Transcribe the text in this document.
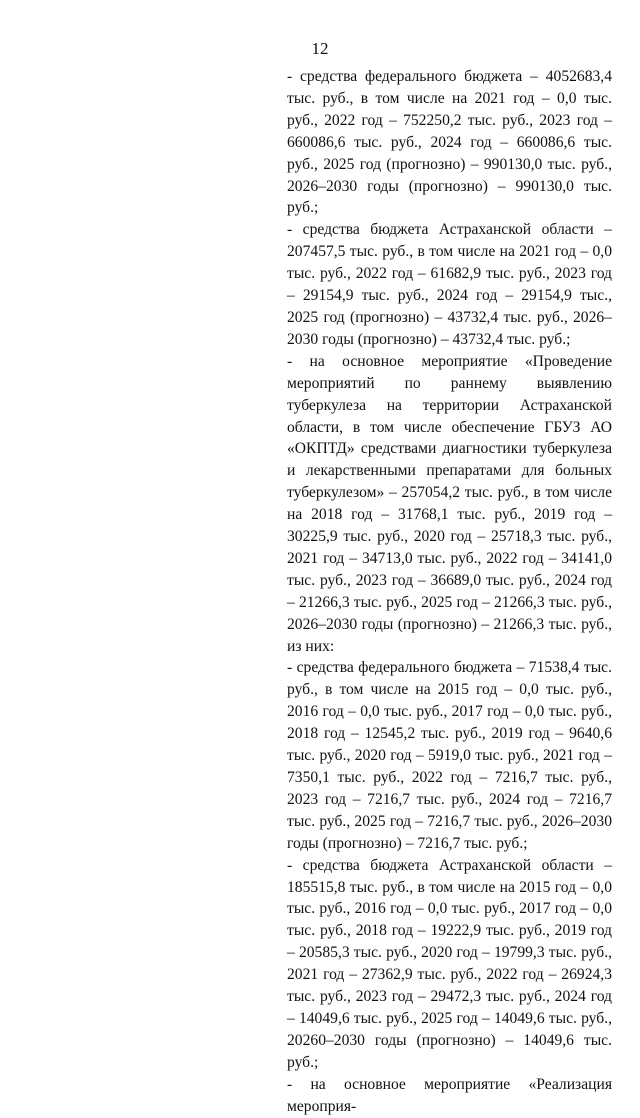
12

- средства федерального бюджета – 4052683,4 тыс. руб., в том числе на 2021 год – 0,0 тыс. руб., 2022 год – 752250,2 тыс. руб., 2023 год – 660086,6 тыс. руб., 2024 год – 660086,6 тыс. руб., 2025 год (прогнозно) – 990130,0 тыс. руб., 2026–2030 годы (прогнозно) – 990130,0 тыс. руб.;

- средства бюджета Астраханской области – 207457,5 тыс. руб., в том числе на 2021 год – 0,0 тыс. руб., 2022 год – 61682,9 тыс. руб., 2023 год – 29154,9 тыс. руб., 2024 год – 29154,9 тыс., 2025 год (прогнозно) – 43732,4 тыс. руб., 2026–2030 годы (прогнозно) – 43732,4 тыс. руб.;

- на основное мероприятие «Проведение мероприятий по раннему выявлению туберкулеза на территории Астраханской области, в том числе обеспечение ГБУЗ АО «ОКПТД» средствами диагностики туберкулеза и лекарственными препаратами для больных туберкулезом» – 257054,2 тыс. руб., в том числе на 2018 год – 31768,1 тыс. руб., 2019 год – 30225,9 тыс. руб., 2020 год – 25718,3 тыс. руб., 2021 год – 34713,0 тыс. руб., 2022 год – 34141,0 тыс. руб., 2023 год – 36689,0 тыс. руб., 2024 год – 21266,3 тыс. руб., 2025 год – 21266,3 тыс. руб., 2026–2030 годы (прогнозно) – 21266,3 тыс. руб., из них:

- средства федерального бюджета – 71538,4 тыс. руб., в том числе на 2015 год – 0,0 тыс. руб., 2016 год – 0,0 тыс. руб., 2017 год – 0,0 тыс. руб., 2018 год – 12545,2 тыс. руб., 2019 год – 9640,6 тыс. руб., 2020 год – 5919,0 тыс. руб., 2021 год – 7350,1 тыс. руб., 2022 год – 7216,7 тыс. руб., 2023 год – 7216,7 тыс. руб., 2024 год – 7216,7 тыс. руб., 2025 год – 7216,7 тыс. руб., 2026–2030 годы (прогнозно) – 7216,7 тыс. руб.;

- средства бюджета Астраханской области – 185515,8 тыс. руб., в том числе на 2015 год – 0,0 тыс. руб., 2016 год – 0,0 тыс. руб., 2017 год – 0,0 тыс. руб., 2018 год – 19222,9 тыс. руб., 2019 год – 20585,3 тыс. руб., 2020 год – 19799,3 тыс. руб., 2021 год – 27362,9 тыс. руб., 2022 год – 26924,3 тыс. руб., 2023 год – 29472,3 тыс. руб., 2024 год – 14049,6 тыс. руб., 2025 год – 14049,6 тыс. руб., 20260–2030 годы (прогнозно) – 14049,6 тыс. руб.;

- на основное мероприятие «Реализация мероприя-
